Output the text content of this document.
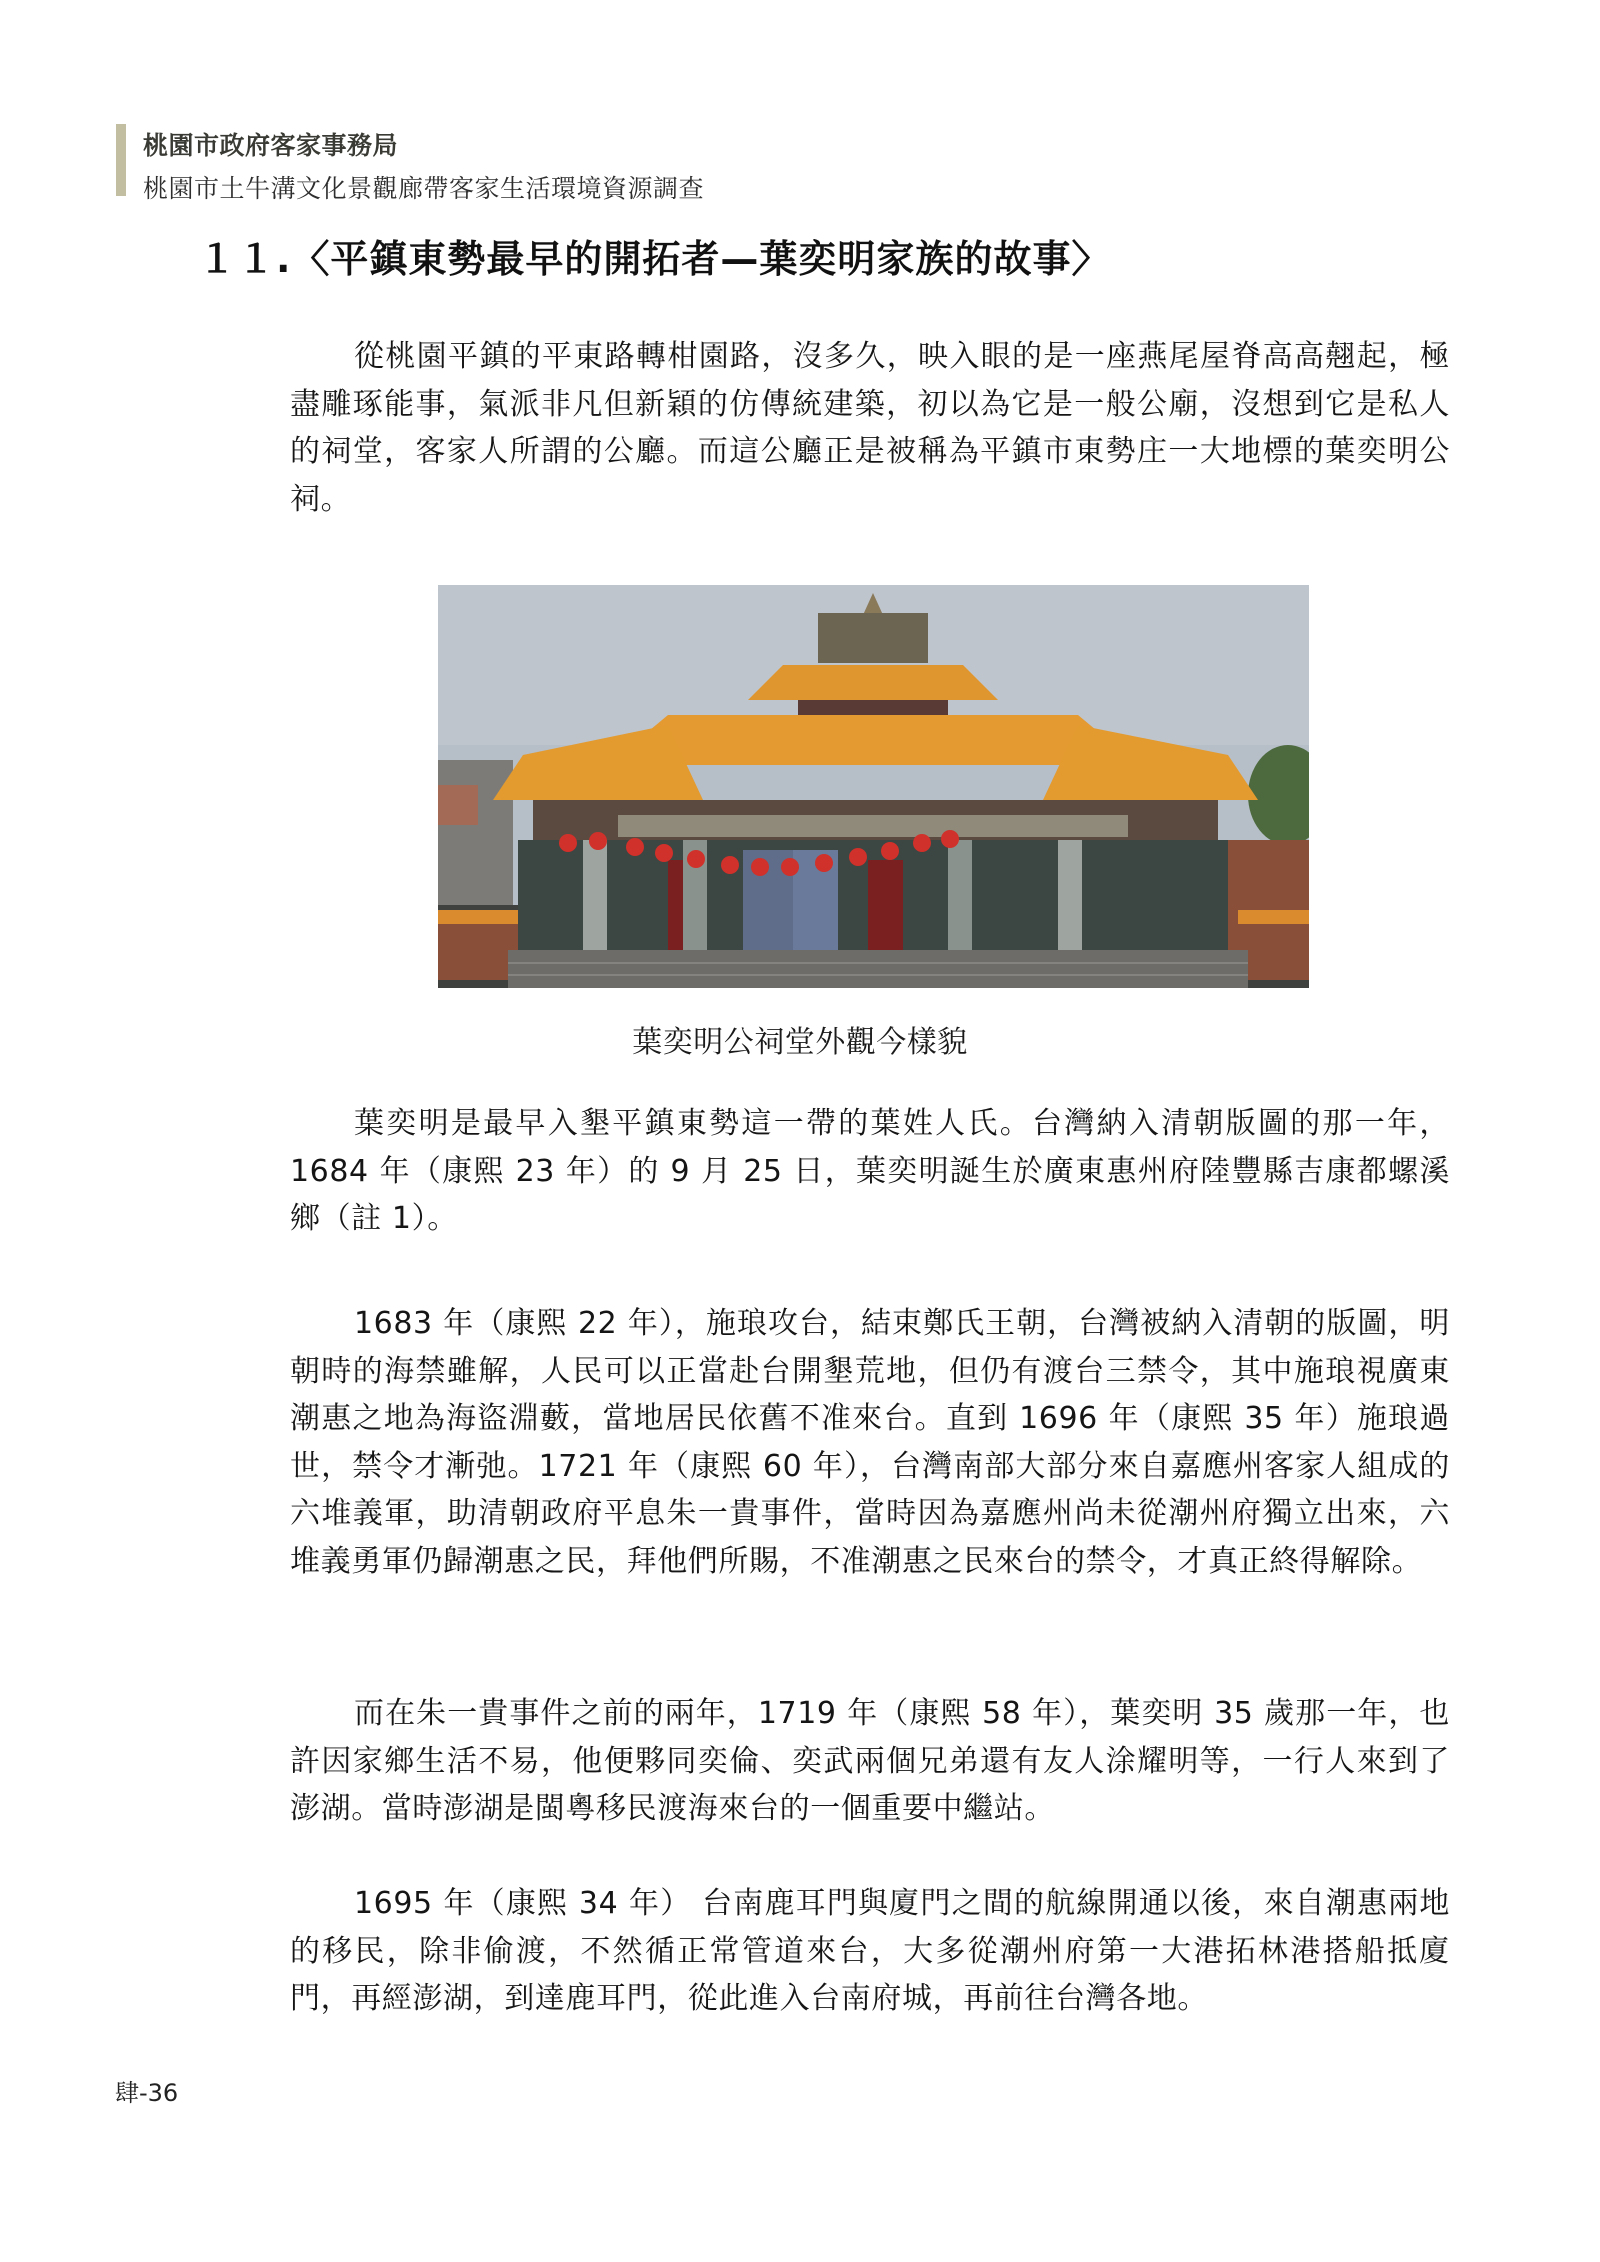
桃園市政府客家事務局
桃園市土牛溝文化景觀廊帶客家生活環境資源調查
１１.〈平鎮東勢最早的開拓者—葉奕明家族的故事〉
從桃園平鎮的平東路轉柑園路，沒多久，映入眼的是一座燕尾屋脊高高翹起，極盡雕琢能事，氣派非凡但新穎的仿傳統建築，初以為它是一般公廟，沒想到它是私人的祠堂，客家人所謂的公廳。而這公廳正是被稱為平鎮市東勢庄一大地標的葉奕明公祠。
葉奕明公祠堂外觀今樣貌
葉奕明是最早入墾平鎮東勢這一帶的葉姓人氏。台灣納入清朝版圖的那一年，1684 年（康熙 23 年）的 9 月 25 日，葉奕明誕生於廣東惠州府陸豐縣吉康都螺溪鄉（註 1）。
1683 年（康熙 22 年），施琅攻台，結束鄭氏王朝，台灣被納入清朝的版圖，明朝時的海禁雖解，人民可以正當赴台開墾荒地，但仍有渡台三禁令，其中施琅視廣東潮惠之地為海盜淵藪，當地居民依舊不准來台。直到 1696 年（康熙 35 年）施琅過 世，禁令才漸弛。1721 年（康熙 60 年），台灣南部大部分來自嘉應州客家人組成的六堆義軍，助清朝政府平息朱一貴事件，當時因為嘉應州尚未從潮州府獨立出來，六堆義勇軍仍歸潮惠之民，拜他們所賜，不准潮惠之民來台的禁令，才真正終得解除。
而在朱一貴事件之前的兩年，1719 年（康熙 58 年），葉奕明 35 歲那一年，也許因家鄉生活不易，他便夥同奕倫、奕武兩個兄弟還有友人涂耀明等，一行人來到了澎湖。當時澎湖是閩粵移民渡海來台的一個重要中繼站。
1695 年（康熙 34 年） 台南鹿耳門與廈門之間的航線開通以後，來自潮惠兩地的移民，除非偷渡，不然循正常管道來台，大多從潮州府第一大港拓林港搭船抵廈門，再經澎湖，到達鹿耳門，從此進入台南府城，再前往台灣各地。
肆-36
